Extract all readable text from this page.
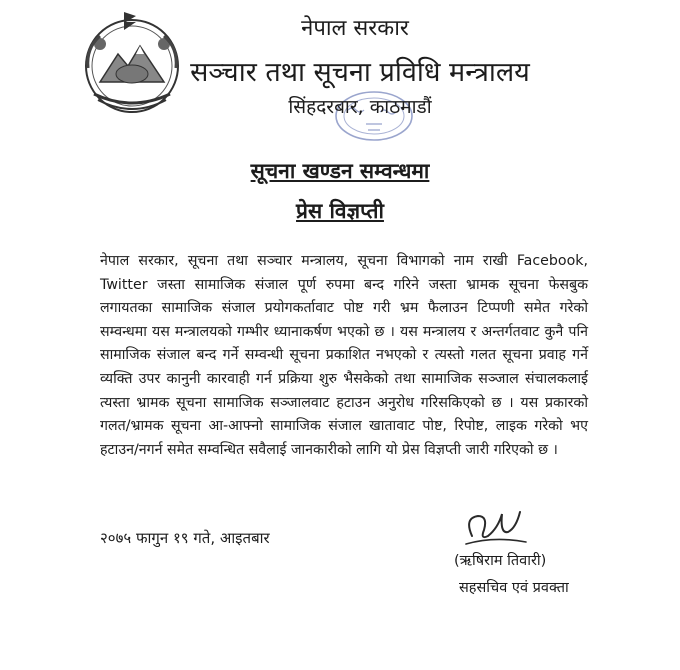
नेपाल सरकार
सञ्चार तथा सूचना प्रविधि मन्त्रालय
सिंहदरबार, काठमाडौं
सूचना खण्डन सम्वन्धमा
प्रेस विज्ञप्ती
नेपाल सरकार, सूचना तथा सञ्चार मन्त्रालय, सूचना विभागको नाम राखी Facebook, Twitter जस्ता सामाजिक संजाल पूर्ण रुपमा बन्द गरिने जस्ता भ्रामक सूचना फेसबुक लगायतका सामाजिक संजाल प्रयोगकर्तावाट पोष्ट गरी भ्रम फैलाउन टिप्पणी समेत गरेको सम्वन्धमा यस मन्त्रालयको गम्भीर ध्यानाकर्षण भएको छ । यस मन्त्रालय र अन्तर्गतवाट कुनै पनि सामाजिक संजाल बन्द गर्ने सम्वन्धी सूचना प्रकाशित नभएको र त्यस्तो गलत सूचना प्रवाह गर्ने व्यक्ति उपर कानुनी कारवाही गर्न प्रक्रिया शुरु भैसकेको तथा सामाजिक सञ्जाल संचालकलाई त्यस्ता भ्रामक सूचना सामाजिक सञ्जालवाट हटाउन अनुरोध गरिसकिएको छ । यस प्रकारको गलत/भ्रामक सूचना आ-आफ्नो सामाजिक संजाल खातावाट पोष्ट, रिपोष्ट, लाइक गरेको भए हटाउन/नगर्न समेत सम्वन्धित सवैलाई जानकारीको लागि यो प्रेस विज्ञप्ती जारी गरिएको छ ।
२०७५ फागुन १९ गते, आइतबार
(ऋषिराम तिवारी)
सहसचिव एवं प्रवक्ता
